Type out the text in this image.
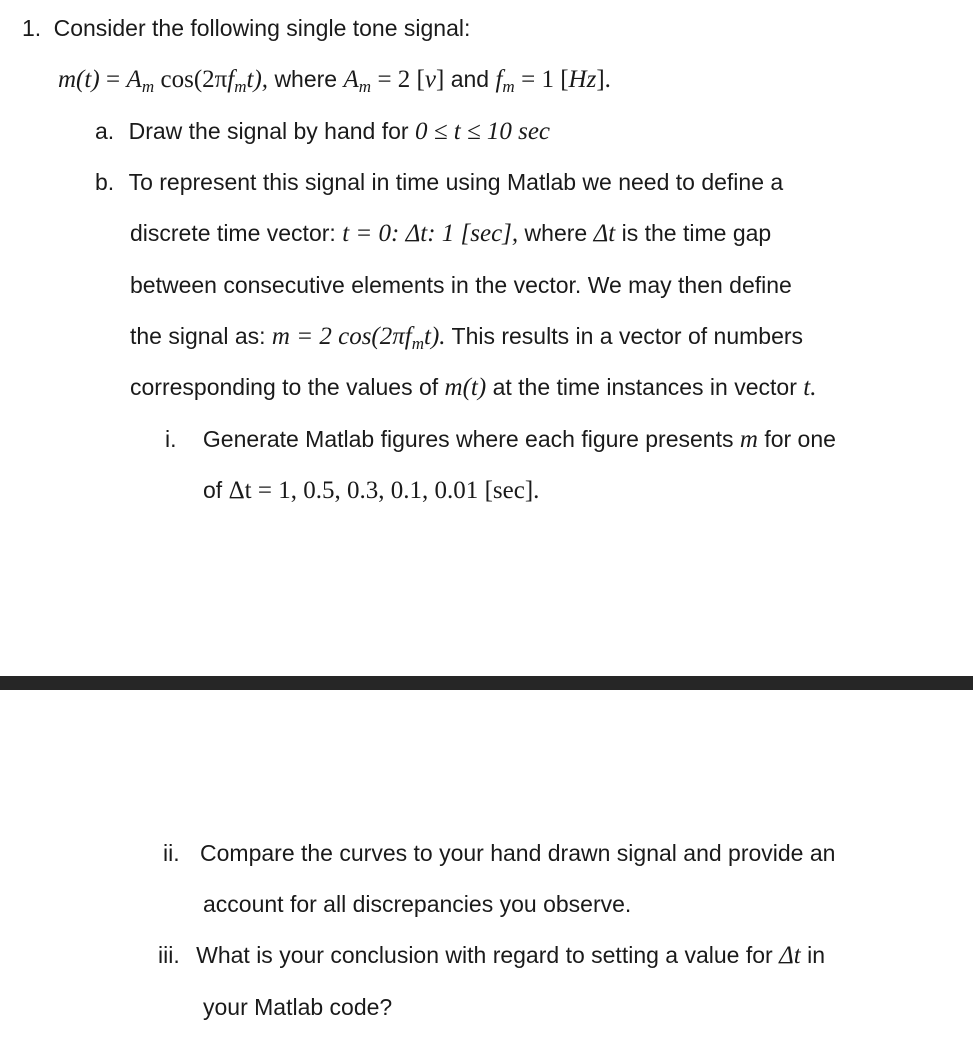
1. Consider the following single tone signal:
$m(t) = A_m$ $\cos(2\pi f_mt)$, where $A_m = 2$ [v] and $f_m = 1$ [Hz].
a. Draw the signal by hand for 0 ≤ t ≤ 10 sec
b. To represent this signal in time using Matlab we need to define a
discrete time vector: t = 0: Δt: 1 [sec], where Δt is the time gap
between consecutive elements in the vector. We may then define
the signal as: m = 2 $\cos(2\pi f_mt)$. This results in a vector of numbers
corresponding to the values of m(t) at the time instances in vector t.
i. Generate Matlab figures where each figure presents m for one
of Δt = 1, 0.5, 0.3, 0.1, 0.01 [sec].
ii. Compare the curves to your hand drawn signal and provide an
account for all discrepancies you observe.
iii. What is your conclusion with regard to setting a value for Δt in
your Matlab code?
